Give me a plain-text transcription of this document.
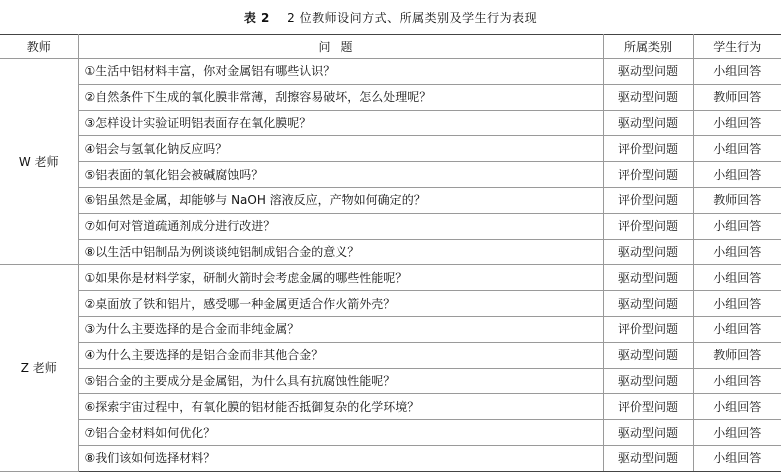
表 2 2 位教师设问方式、所属类别及学生行为表现
教师	问题	所属类别	学生行为
W 老师	①生活中铝材料丰富，你对金属铝有哪些认识？	驱动型问题	小组回答
	②自然条件下生成的氧化膜非常薄，刮擦容易破坏，怎么处理呢？	驱动型问题	教师回答
	③怎样设计实验证明铝表面存在氧化膜呢？	驱动型问题	小组回答
	④铝会与氢氧化钠反应吗？	评价型问题	小组回答
	⑤铝表面的氧化铝会被碱腐蚀吗？	评价型问题	小组回答
	⑥铝虽然是金属，却能够与 NaOH 溶液反应，产物如何确定的？	评价型问题	教师回答
	⑦如何对管道疏通剂成分进行改进？	评价型问题	小组回答
	⑧以生活中铝制品为例谈谈纯铝制成铝合金的意义？	驱动型问题	小组回答
Z 老师	①如果你是材料学家，研制火箭时会考虑金属的哪些性能呢？	驱动型问题	小组回答
	②桌面放了铁和铝片，感受哪一种金属更适合作火箭外壳？	驱动型问题	小组回答
	③为什么主要选择的是合金而非纯金属？	评价型问题	小组回答
	④为什么主要选择的是铝合金而非其他合金？	驱动型问题	教师回答
	⑤铝合金的主要成分是金属铝，为什么具有抗腐蚀性能呢？	驱动型问题	小组回答
	⑥探索宇宙过程中，有氧化膜的铝材能否抵御复杂的化学环境？	评价型问题	小组回答
	⑦铝合金材料如何优化？	驱动型问题	小组回答
	⑧我们该如何选择材料？	驱动型问题	小组回答
